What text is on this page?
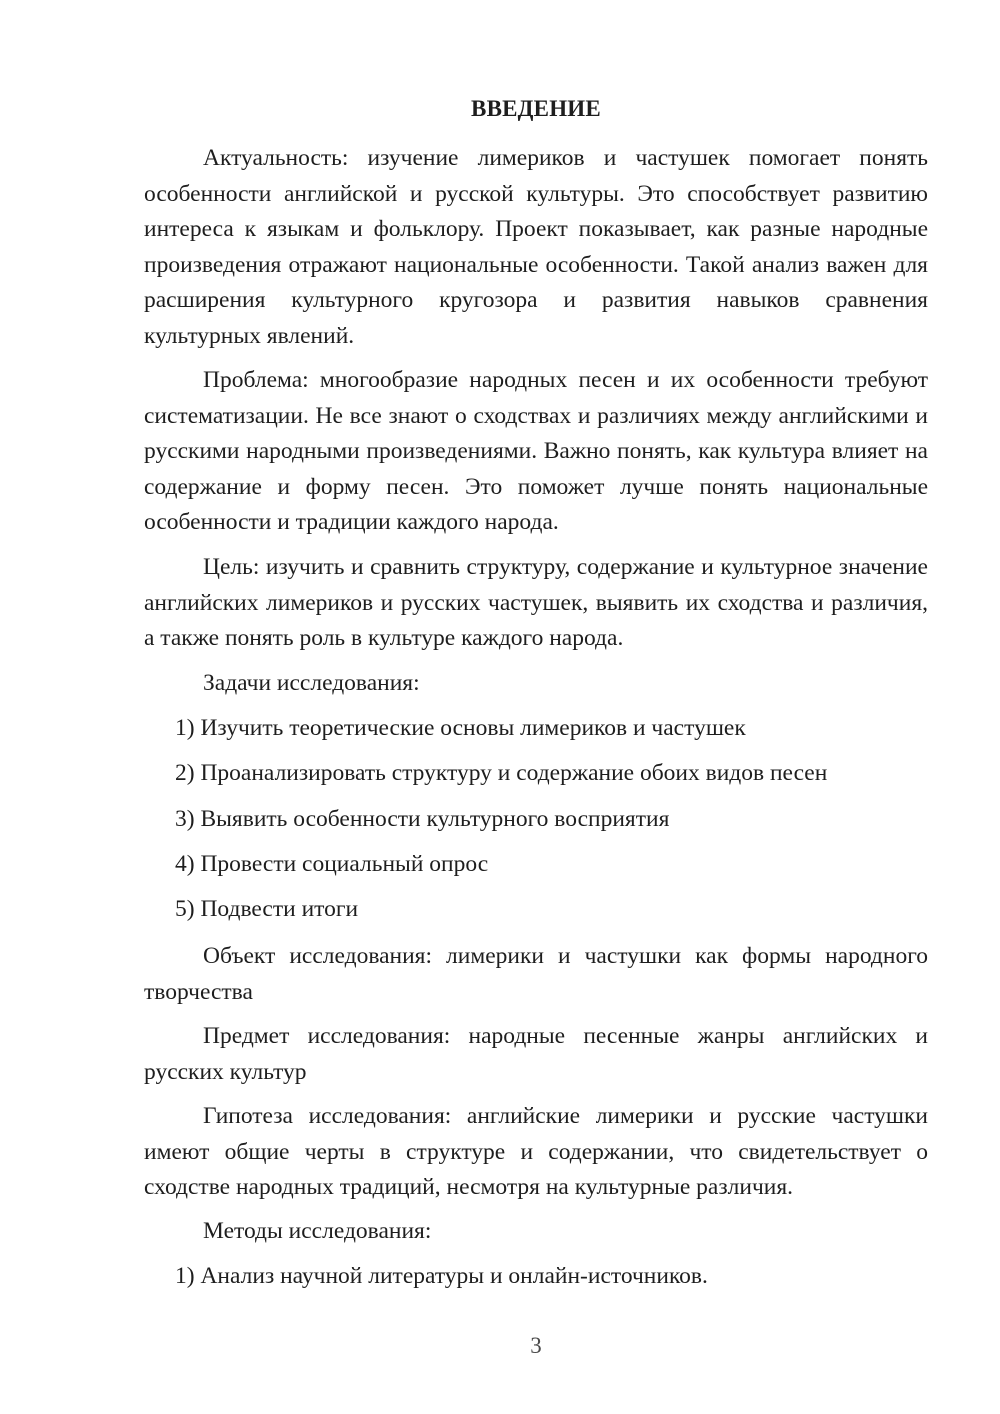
ВВЕДЕНИЕ

Актуальность: изучение лимериков и частушек помогает понять особенности английской и русской культуры. Это способствует развитию интереса к языкам и фольклору. Проект показывает, как разные народные произведения отражают национальные особенности. Такой анализ важен для расширения культурного кругозора и развития навыков сравнения культурных явлений.

Проблема: многообразие народных песен и их особенности требуют систематизации. Не все знают о сходствах и различиях между английскими и русскими народными произведениями. Важно понять, как культура влияет на содержание и форму песен. Это поможет лучше понять национальные особенности и традиции каждого народа.

Цель: изучить и сравнить структуру, содержание и культурное значение английских лимериков и русских частушек, выявить их сходства и различия, а также понять роль в культуре каждого народа.

Задачи исследования:

1) Изучить теоретические основы лимериков и частушек

2) Проанализировать структуру и содержание обоих видов песен

3) Выявить особенности культурного восприятия

4) Провести социальный опрос

5) Подвести итоги

Объект исследования: лимерики и частушки как формы народного творчества

Предмет исследования: народные песенные жанры английских и русских культур

Гипотеза исследования: английские лимерики и русские частушки имеют общие черты в структуре и содержании, что свидетельствует о сходстве народных традиций, несмотря на культурные различия.

Методы исследования:

1) Анализ научной литературы и онлайн-источников.

3
